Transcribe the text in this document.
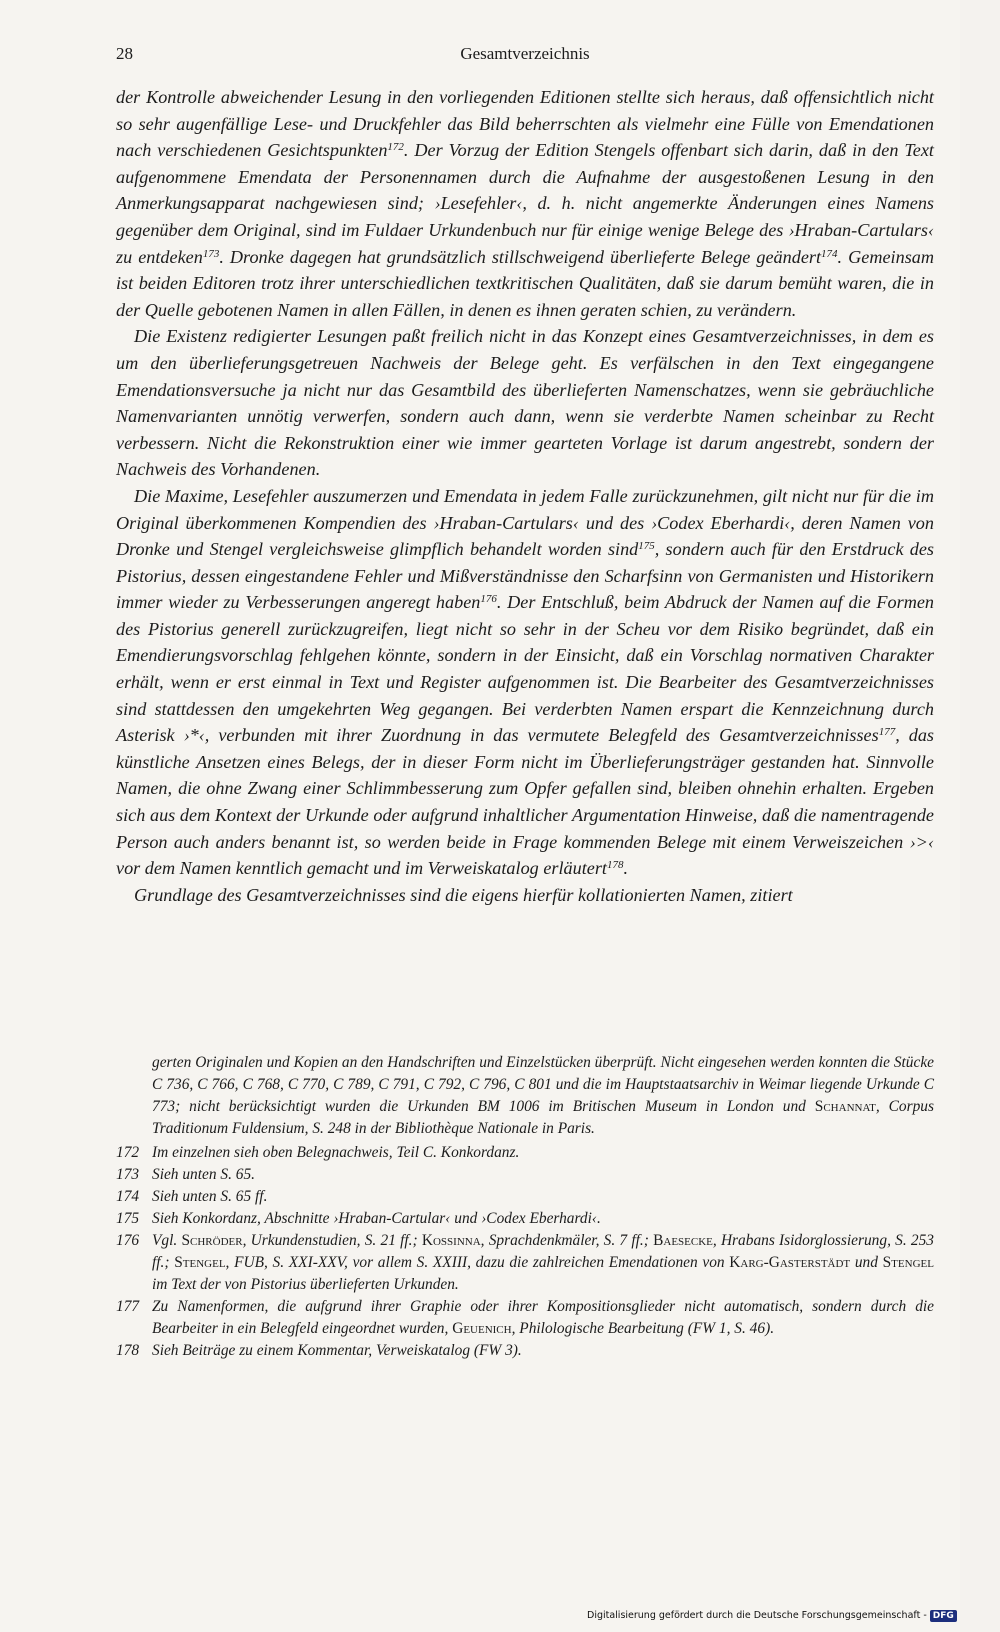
28	Gesamtverzeichnis

der Kontrolle abweichender Lesung in den vorliegenden Editionen stellte sich heraus, daß offensichtlich nicht so sehr augenfällige Lese- und Druckfehler das Bild beherrschten als vielmehr eine Fülle von Emendationen nach verschiedenen Gesichtspunkten$^{172}$. Der Vorzug der Edition Stengels offenbart sich darin, daß in den Text aufgenommene Emendata der Personennamen durch die Aufnahme der ausgestoßenen Lesung in den Anmerkungsapparat nachgewiesen sind; ›Lesefehler‹, d. h. nicht angemerkte Änderungen eines Namens gegenüber dem Original, sind im Fuldaer Urkundenbuch nur für einige wenige Belege des ›Hraban-Cartulars‹ zu entdeken$^{173}$. Dronke dagegen hat grundsätzlich stillschweigend überlieferte Belege geändert$^{174}$. Gemeinsam ist beiden Editoren trotz ihrer unterschiedlichen textkritischen Qualitäten, daß sie darum bemüht waren, die in der Quelle gebotenen Namen in allen Fällen, in denen es ihnen geraten schien, zu verändern.

Die Existenz redigierter Lesungen paßt freilich nicht in das Konzept eines Gesamtverzeichnisses, in dem es um den überlieferungsgetreuen Nachweis der Belege geht. Es verfälschen in den Text eingegangene Emendationsversuche ja nicht nur das Gesamtbild des überlieferten Namenschatzes, wenn sie gebräuchliche Namenvarianten unnötig verwerfen, sondern auch dann, wenn sie verderbte Namen scheinbar zu Recht verbessern. Nicht die Rekonstruktion einer wie immer gearteten Vorlage ist darum angestrebt, sondern der Nachweis des Vorhandenen.

Die Maxime, Lesefehler auszumerzen und Emendata in jedem Falle zurückzunehmen, gilt nicht nur für die im Original überkommenen Kompendien des ›Hraban-Cartulars‹ und des ›Codex Eberhardi‹, deren Namen von Dronke und Stengel vergleichsweise glimpflich behandelt worden sind$^{175}$, sondern auch für den Erstdruck des Pistorius, dessen eingestandene Fehler und Mißverständnisse den Scharfsinn von Germanisten und Historikern immer wieder zu Verbesserungen angeregt haben$^{176}$. Der Entschluß, beim Abdruck der Namen auf die Formen des Pistorius generell zurückzugreifen, liegt nicht so sehr in der Scheu vor dem Risiko begründet, daß ein Emendierungsvorschlag fehlgehen könnte, sondern in der Einsicht, daß ein Vorschlag normativen Charakter erhält, wenn er erst einmal in Text und Register aufgenommen ist. Die Bearbeiter des Gesamtverzeichnisses sind stattdessen den umgekehrten Weg gegangen. Bei verderbten Namen erspart die Kennzeichnung durch Asterisk ›*‹, verbunden mit ihrer Zuordnung in das vermutete Belegfeld des Gesamtverzeichnisses$^{177}$, das künstliche Ansetzen eines Belegs, der in dieser Form nicht im Überlieferungsträger gestanden hat. Sinnvolle Namen, die ohne Zwang einer Schlimmbesserung zum Opfer gefallen sind, bleiben ohnehin erhalten. Ergeben sich aus dem Kontext der Urkunde oder aufgrund inhaltlicher Argumentation Hinweise, daß die namentragende Person auch anders benannt ist, so werden beide in Frage kommenden Belege mit einem Verweiszeichen ›>‹ vor dem Namen kenntlich gemacht und im Verweiskatalog erläutert$^{178}$.

Grundlage des Gesamtverzeichnisses sind die eigens hierfür kollationierten Namen, zitiert

gerten Originalen und Kopien an den Handschriften und Einzelstücken überprüft. Nicht eingesehen werden konnten die Stücke C 736, C 766, C 768, C 770, C 789, C 791, C 792, C 796, C 801 und die im Hauptstaatsarchiv in Weimar liegende Urkunde C 773; nicht berücksichtigt wurden die Urkunden BM 1006 im Britischen Museum in London und Schannat, Corpus Traditionum Fuldensium, S. 248 in der Bibliothèque Nationale in Paris.

172 Im einzelnen sieh oben Belegnachweis, Teil C. Konkordanz.

173 Sieh unten S. 65.

174 Sieh unten S. 65 ff.

175 Sieh Konkordanz, Abschnitte ›Hraban-Cartular‹ und ›Codex Eberhardi‹.

176 Vgl. Schröder, Urkundenstudien, S. 21 ff.; Kossinna, Sprachdenkmäler, S. 7 ff.; Baesecke, Hrabans Isidorglossierung, S. 253 ff.; Stengel, FUB, S. XXI-XXV, vor allem S. XXIII, dazu die zahlreichen Emendationen von Karg-Gasterstädt und Stengel im Text der von Pistorius überlieferten Urkunden.

177 Zu Namenformen, die aufgrund ihrer Graphie oder ihrer Kompositionsglieder nicht automatisch, sondern durch die Bearbeiter in ein Belegfeld eingeordnet wurden, Geuenich, Philologische Bearbeitung (FW 1, S. 46).

178 Sieh Beiträge zu einem Kommentar, Verweiskatalog (FW 3).

Digitalisierung gefördert durch die Deutsche Forschungsgemeinschaft - DFG
